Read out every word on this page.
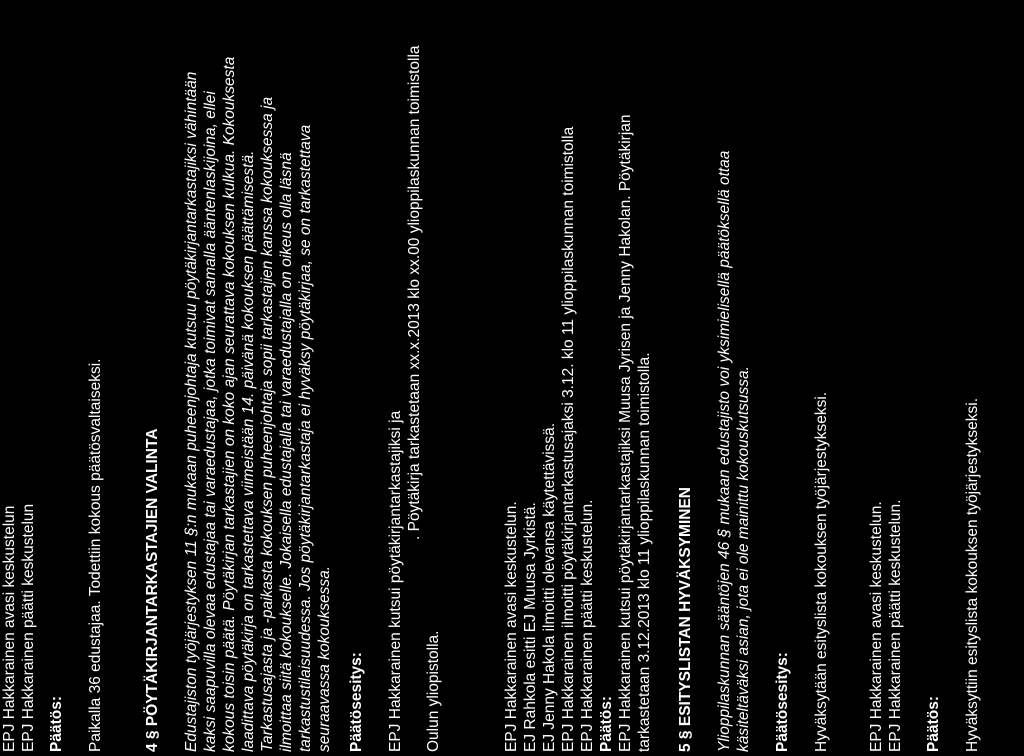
EPJ Hakkarainen avasi keskustelun EPJ Hakkarainen päätti keskustelun Päätös: Paikalla 36 edustajaa. Todettiin kokous päätösvaltaiseksi.	4 § PÖYTÄKIRJANTARKASTAJIEN VALINTA Edustajiston työjärjestyksen 11 §:n mukaan puheenjohtaja kutsuu pöytäkirjantarkastajiksi vähintään kaksi saapuvilla olevaa edustajaa tai varaedustajaa, jotka toimivat samalla ääntenlaskijoina, ellei kokous toisin päätä. Pöytäkirjan tarkastajien on koko ajan seurattava kokouksen kulkua. Kokouksesta laadittava pöytäkirja on tarkastettava viimeistään 14. päivänä kokouksen päättämisestä. Tarkastusajasta ja -paikasta kokouksen puheenjohtaja sopii tarkastajien kanssa kokouksessa ja ilmoittaa siitä kokoukselle. Jokaisella edustajalla tai varaedustajalla on oikeus olla läsnä tarkastustilaisuudessa. Jos pöytäkirjantarkastaja ei hyväksy pöytäkirjaa, se on tarkastettava seuraavassa kokouksessa. Päätösesitys: EPJ Hakkarainen kutsui pöytäkirjantarkastajiksi ja . Pöytäkirja tarkastetaan xx.x.2013 klo xx.00 ylioppilaskunnan toimistolla
Oulun yliopistolla.	EPJ Hakkarainen avasi keskustelun. EJ Rahkola esitti EJ Muusa Jyrkistä. EJ Jenny Hakola ilmoitti olevansa käytettävissä. EPJ Hakkarainen ilmoitti pöytäkirjantarkastusajaksi 3.12. klo 11 ylioppilaskunnan toimistolla EPJ Hakkarainen päätti keskustelun. Päätös: EPJ Hakkarainen kutsui pöytäkirjantarkastajiksi Muusa Jyrisen ja Jenny Hakolan. Pöytäkirjan tarkastetaan 3.12.2013 klo 11 ylioppilaskunnan toimistolla. 5 § ESITYSLISTAN HYVÄKSYMINEN Ylioppilaskunnan sääntöjen 46 § mukaan edustajisto voi yksimielisellä päätöksellä ottaa käsiteltäväksi asian, jota ei ole mainittu kokouskutsussa. Päätösesitys: Hyväksytään esityslista kokouksen työjärjestykseksi. EPJ Hakkarainen avasi keskustelun. EPJ Hakkarainen päätti keskustelun. Päätös: Hyväksyttiin esityslista kokouksen työjärjestykseksi.
